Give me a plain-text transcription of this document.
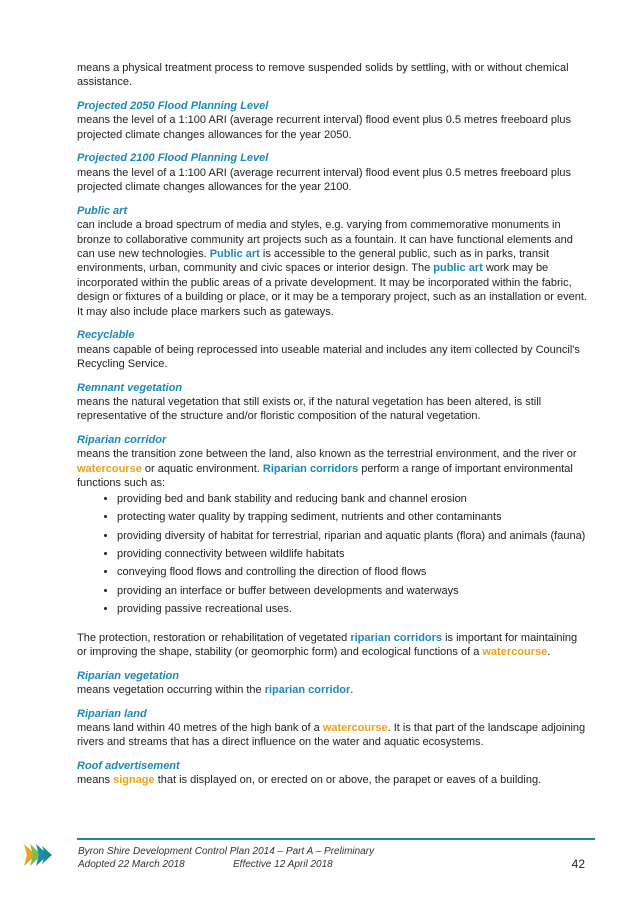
means a physical treatment process to remove suspended solids by settling, with or without chemical assistance.
Projected 2050 Flood Planning Level
means the level of a 1:100 ARI (average recurrent interval) flood event plus 0.5 metres freeboard plus projected climate changes allowances for the year 2050.
Projected 2100 Flood Planning Level
means the level of a 1:100 ARI (average recurrent interval) flood event plus 0.5 metres freeboard plus projected climate changes allowances for the year 2100.
Public art
can include a broad spectrum of media and styles, e.g. varying from commemorative monuments in bronze to collaborative community art projects such as a fountain. It can have functional elements and can use new technologies. Public art is accessible to the general public, such as in parks, transit environments, urban, community and civic spaces or interior design. The public art work may be incorporated within the public areas of a private development. It may be incorporated within the fabric, design or fixtures of a building or place, or it may be a temporary project, such as an installation or event. It may also include place markers such as gateways.
Recyclable
means capable of being reprocessed into useable material and includes any item collected by Council's Recycling Service.
Remnant vegetation
means the natural vegetation that still exists or, if the natural vegetation has been altered, is still representative of the structure and/or floristic composition of the natural vegetation.
Riparian corridor
means the transition zone between the land, also known as the terrestrial environment, and the river or watercourse or aquatic environment. Riparian corridors perform a range of important environmental functions such as:
• providing bed and bank stability and reducing bank and channel erosion
• protecting water quality by trapping sediment, nutrients and other contaminants
• providing diversity of habitat for terrestrial, riparian and aquatic plants (flora) and animals (fauna)
• providing connectivity between wildlife habitats
• conveying flood flows and controlling the direction of flood flows
• providing an interface or buffer between developments and waterways
• providing passive recreational uses.
The protection, restoration or rehabilitation of vegetated riparian corridors is important for maintaining or improving the shape, stability (or geomorphic form) and ecological functions of a watercourse.
Riparian vegetation
means vegetation occurring within the riparian corridor.
Riparian land
means land within 40 metres of the high bank of a watercourse. It is that part of the landscape adjoining rivers and streams that has a direct influence on the water and aquatic ecosystems.
Roof advertisement
means signage that is displayed on, or erected on or above, the parapet or eaves of a building.
Byron Shire Development Control Plan 2014 – Part A – Preliminary
Adopted 22 March 2018	Effective 12 April 2018	42
